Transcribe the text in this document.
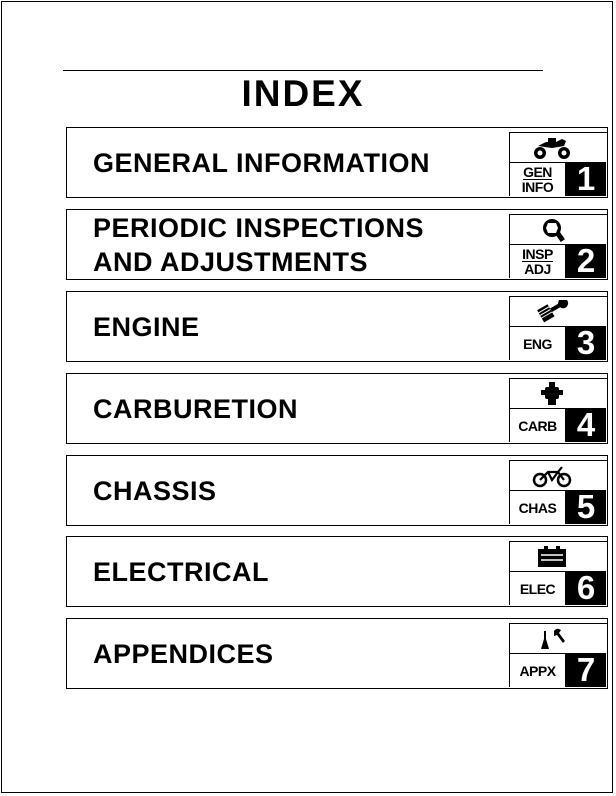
INDEX
GENERAL INFORMATION	GEN
INFO 1
PERIODIC INSPECTIONS
AND ADJUSTMENTS	INSP
ADJ 2
ENGINE
ENG 3
CARBURETION
CARB 4
CHASSIS
CHAS 5
ELECTRICAL
ELEC 6
APPENDICES
APPX 7
